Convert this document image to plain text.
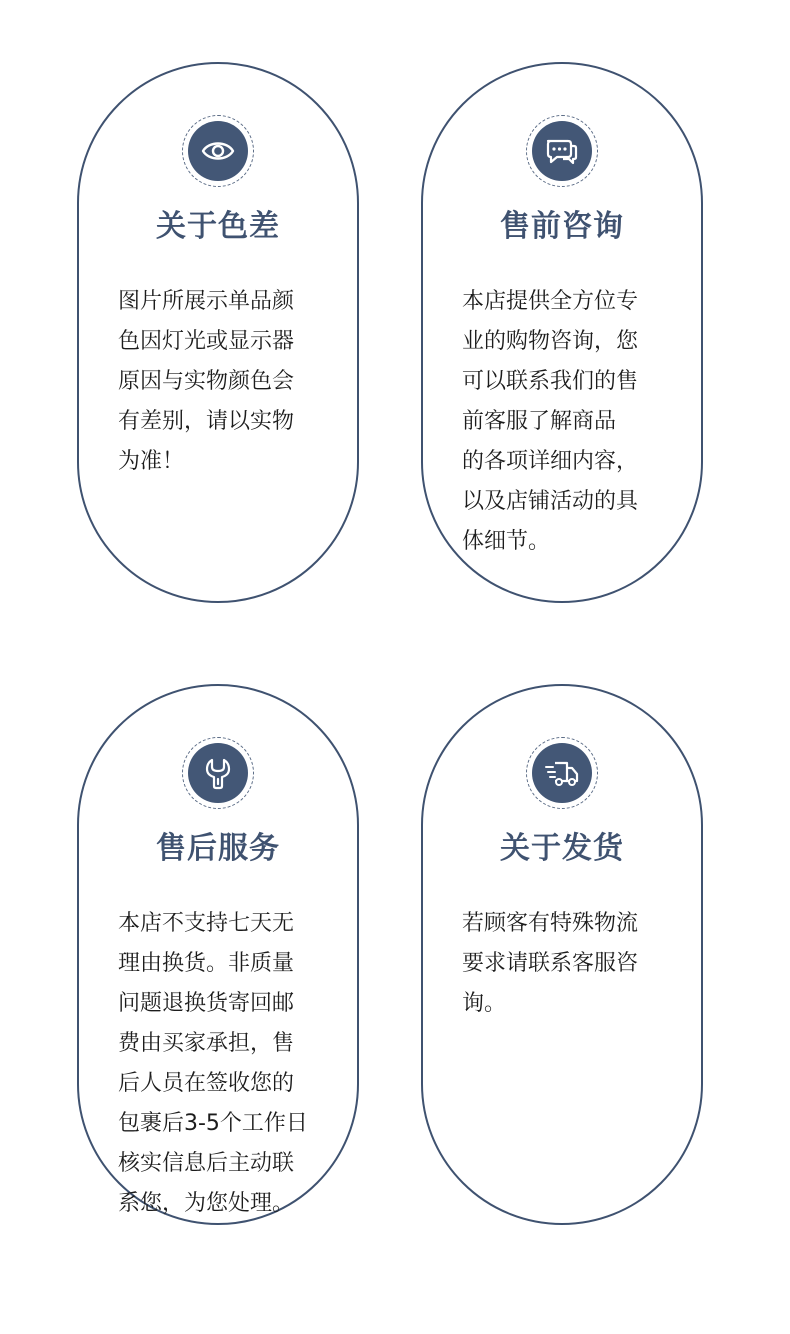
关于色差
图片所展示单品颜
色因灯光或显示器
原因与实物颜色会
有差别，请以实物
为准！
售前咨询
本店提供全方位专
业的购物咨询，您
可以联系我们的售
前客服了解商品
的各项详细内容，
以及店铺活动的具
体细节。
售后服务
本店不支持七天无
理由换货。非质量
问题退换货寄回邮
费由买家承担，售
后人员在签收您的
包裹后3-5个工作日
核实信息后主动联
系您，为您处理。
关于发货
若顾客有特殊物流
要求请联系客服咨
询。
